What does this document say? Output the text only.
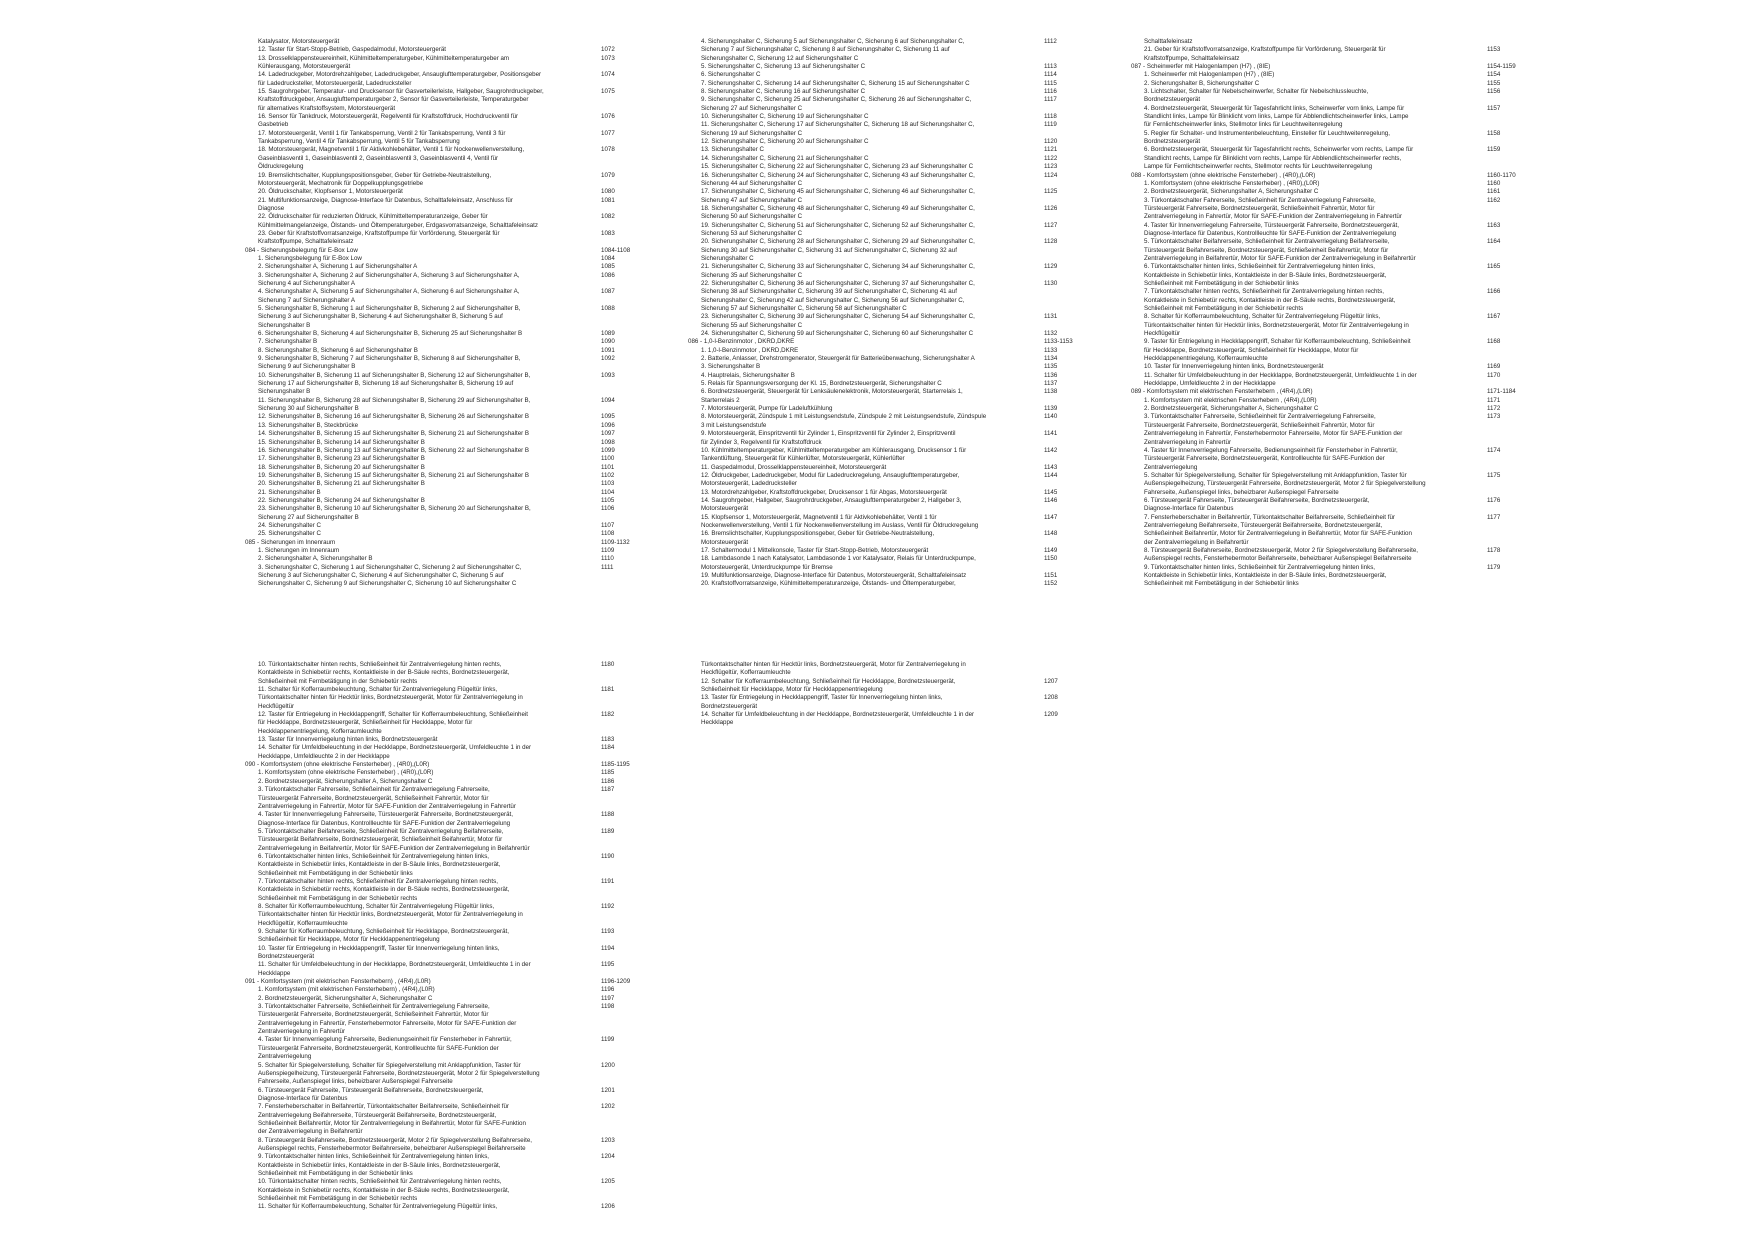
Katalysator, Motorsteuergerät
12. Taster für Start-Stopp-Betrieb, Gaspedalmodul, Motorsteuergerät	1072
13. Drosselklappensteuereinheit, Kühlmitteltemperaturgeber, Kühlmitteltemperaturgeber am	1073
Kühlerausgang, Motorsteuergerät
14. Ladedruckgeber, Motordrehzahlgeber, Ladedruckgeber, Ansauglufttemperaturgeber, Positionsgeber	1074
für Ladedrucksteller, Motorsteuergerät, Ladedrucksteller
15. Saugrohrgeber, Temperatur- und Drucksensor für Gasverteilerleiste, Hallgeber, Saugrohrdruckgeber,	1075
Kraftstoffdruckgeber, Ansauglufttemperaturgeber 2, Sensor für Gasverteilerleiste, Temperaturgeber
für alternatives Kraftstoffsystem, Motorsteuergerät
16. Sensor für Tankdruck, Motorsteuergerät, Regelventil für Kraftstoffdruck, Hochdruckventil für	1076
Gasbetrieb
17. Motorsteuergerät, Ventil 1 für Tankabsperrung, Ventil 2 für Tankabsperrung, Ventil 3 für	1077
Tankabsperrung, Ventil 4 für Tankabsperrung, Ventil 5 für Tankabsperrung
18. Motorsteuergerät, Magnetventil 1 für Aktivkohlebehälter, Ventil 1 für Nockenwellenverstellung,	1078
Gaseinblasventil 1, Gaseinblasventil 2, Gaseinblasventil 3, Gaseinblasventil 4, Ventil für
Öldruckregelung
19. Bremslichtschalter, Kupplungspositionsgeber, Geber für Getriebe-Neutralstellung,	1079
Motorsteuergerät, Mechatronik für Doppelkupplungsgetriebe
20. Öldruckschalter, Klopfsensor 1, Motorsteuergerät	1080
21. Multifunktionsanzeige, Diagnose-Interface für Datenbus, Schalttafeleinsatz, Anschluss für	1081
Diagnose
22. Öldruckschalter für reduzierten Öldruck, Kühlmitteltemperaturanzeige, Geber für	1082
Kühlmittelmangelanzeige, Ölstands- und Öltemperaturgeber, Erdgasvorratsanzeige, Schalttafeleinsatz
23. Geber für Kraftstoffvorratsanzeige, Kraftstoffpumpe für Vorförderung, Steuergerät für	1083
Kraftstoffpumpe, Schalttafeleinsatz
084 - Sicherungsbelegung für E-Box Low	1084-1108
1. Sicherungsbelegung für E-Box Low	1084
2. Sicherungshalter A, Sicherung 1 auf Sicherungshalter A	1085
3. Sicherungshalter A, Sicherung 2 auf Sicherungshalter A, Sicherung 3 auf Sicherungshalter A,	1086
Sicherung 4 auf Sicherungshalter A
4. Sicherungshalter A, Sicherung 5 auf Sicherungshalter A, Sicherung 6 auf Sicherungshalter A,	1087
Sicherung 7 auf Sicherungshalter A
5. Sicherungshalter B, Sicherung 1 auf Sicherungshalter B, Sicherung 2 auf Sicherungshalter B,	1088
Sicherung 3 auf Sicherungshalter B, Sicherung 4 auf Sicherungshalter B, Sicherung 5 auf
Sicherungshalter B
6. Sicherungshalter B, Sicherung 4 auf Sicherungshalter B, Sicherung 25 auf Sicherungshalter B	1089
7. Sicherungshalter B	1090
8. Sicherungshalter B, Sicherung 6 auf Sicherungshalter B	1091
9. Sicherungshalter B, Sicherung 7 auf Sicherungshalter B, Sicherung 8 auf Sicherungshalter B,	1092
Sicherung 9 auf Sicherungshalter B
10. Sicherungshalter B, Sicherung 11 auf Sicherungshalter B, Sicherung 12 auf Sicherungshalter B,	1093
Sicherung 17 auf Sicherungshalter B, Sicherung 18 auf Sicherungshalter B, Sicherung 19 auf
Sicherungshalter B
11. Sicherungshalter B, Sicherung 28 auf Sicherungshalter B, Sicherung 29 auf Sicherungshalter B,	1094
Sicherung 30 auf Sicherungshalter B
12. Sicherungshalter B, Sicherung 16 auf Sicherungshalter B, Sicherung 26 auf Sicherungshalter B	1095
13. Sicherungshalter B, Steckbrücke	1096
14. Sicherungshalter B, Sicherung 15 auf Sicherungshalter B, Sicherung 21 auf Sicherungshalter B	1097
15. Sicherungshalter B, Sicherung 14 auf Sicherungshalter B	1098
16. Sicherungshalter B, Sicherung 13 auf Sicherungshalter B, Sicherung 22 auf Sicherungshalter B	1099
17. Sicherungshalter B, Sicherung 23 auf Sicherungshalter B	1100
18. Sicherungshalter B, Sicherung 20 auf Sicherungshalter B	1101
19. Sicherungshalter B, Sicherung 15 auf Sicherungshalter B, Sicherung 21 auf Sicherungshalter B	1102
20. Sicherungshalter B, Sicherung 21 auf Sicherungshalter B	1103
21. Sicherungshalter B	1104
22. Sicherungshalter B, Sicherung 24 auf Sicherungshalter B	1105
23. Sicherungshalter B, Sicherung 10 auf Sicherungshalter B, Sicherung 20 auf Sicherungshalter B,	1106
Sicherung 27 auf Sicherungshalter B
24. Sicherungshalter C	1107
25. Sicherungshalter C	1108
085 - Sicherungen im Innenraum	1109-1132
1. Sicherungen im Innenraum	1109
2. Sicherungshalter A, Sicherungshalter B	1110
3. Sicherungshalter C, Sicherung 1 auf Sicherungshalter C, Sicherung 2 auf Sicherungshalter C,	1111
Sicherung 3 auf Sicherungshalter C, Sicherung 4 auf Sicherungshalter C, Sicherung 5 auf
Sicherungshalter C, Sicherung 9 auf Sicherungshalter C, Sicherung 10 auf Sicherungshalter C
4. Sicherungshalter C, Sicherung 5 auf Sicherungshalter C, Sicherung 6 auf Sicherungshalter C,	1112
Sicherung 7 auf Sicherungshalter C, Sicherung 8 auf Sicherungshalter C, Sicherung 11 auf
Sicherungshalter C, Sicherung 12 auf Sicherungshalter C
5. Sicherungshalter C, Sicherung 13 auf Sicherungshalter C	1113
6. Sicherungshalter C	1114
7. Sicherungshalter C, Sicherung 14 auf Sicherungshalter C, Sicherung 15 auf Sicherungshalter C	1115
8. Sicherungshalter C, Sicherung 16 auf Sicherungshalter C	1116
9. Sicherungshalter C, Sicherung 25 auf Sicherungshalter C, Sicherung 26 auf Sicherungshalter C,	1117
Sicherung 27 auf Sicherungshalter C
10. Sicherungshalter C, Sicherung 19 auf Sicherungshalter C	1118
11. Sicherungshalter C, Sicherung 17 auf Sicherungshalter C, Sicherung 18 auf Sicherungshalter C,	1119
Sicherung 19 auf Sicherungshalter C
12. Sicherungshalter C, Sicherung 20 auf Sicherungshalter C	1120
13. Sicherungshalter C	1121
14. Sicherungshalter C, Sicherung 21 auf Sicherungshalter C	1122
15. Sicherungshalter C, Sicherung 22 auf Sicherungshalter C, Sicherung 23 auf Sicherungshalter C	1123
16. Sicherungshalter C, Sicherung 24 auf Sicherungshalter C, Sicherung 43 auf Sicherungshalter C,	1124
Sicherung 44 auf Sicherungshalter C
17. Sicherungshalter C, Sicherung 45 auf Sicherungshalter C, Sicherung 46 auf Sicherungshalter C,	1125
Sicherung 47 auf Sicherungshalter C
18. Sicherungshalter C, Sicherung 48 auf Sicherungshalter C, Sicherung 49 auf Sicherungshalter C,	1126
Sicherung 50 auf Sicherungshalter C
19. Sicherungshalter C, Sicherung 51 auf Sicherungshalter C, Sicherung 52 auf Sicherungshalter C,	1127
Sicherung 53 auf Sicherungshalter C
20. Sicherungshalter C, Sicherung 28 auf Sicherungshalter C, Sicherung 29 auf Sicherungshalter C,	1128
Sicherung 30 auf Sicherungshalter C, Sicherung 31 auf Sicherungshalter C, Sicherung 32 auf
Sicherungshalter C
21. Sicherungshalter C, Sicherung 33 auf Sicherungshalter C, Sicherung 34 auf Sicherungshalter C,	1129
Sicherung 35 auf Sicherungshalter C
22. Sicherungshalter C, Sicherung 36 auf Sicherungshalter C, Sicherung 37 auf Sicherungshalter C,	1130
Sicherung 38 auf Sicherungshalter C, Sicherung 39 auf Sicherungshalter C, Sicherung 41 auf
Sicherungshalter C, Sicherung 42 auf Sicherungshalter C, Sicherung 56 auf Sicherungshalter C,
Sicherung 57 auf Sicherungshalter C, Sicherung 58 auf Sicherungshalter C
23. Sicherungshalter C, Sicherung 39 auf Sicherungshalter C, Sicherung 54 auf Sicherungshalter C,	1131
Sicherung 55 auf Sicherungshalter C
24. Sicherungshalter C, Sicherung 59 auf Sicherungshalter C, Sicherung 60 auf Sicherungshalter C	1132
086 - 1,0-l-Benzinmotor , DKRD,DKRE	1133-1153
1. 1,0-l-Benzinmotor , DKRD,DKRE	1133
2. Batterie, Anlasser, Drehstromgenerator, Steuergerät für Batterieüberwachung, Sicherungshalter A	1134
3. Sicherungshalter B	1135
4. Hauptrelais, Sicherungshalter B	1136
5. Relais für Spannungsversorgung der Kl. 15, Bordnetzsteuergerät, Sicherungshalter C	1137
6. Bordnetzsteuergerät, Steuergerät für Lenksäulenelektronik, Motorsteuergerät, Starterrelais 1,	1138
Starterrelais 2
7. Motorsteuergerät, Pumpe für Ladeluftkühlung	1139
8. Motorsteuergerät, Zündspule 1 mit Leistungsendstufe, Zündspule 2 mit Leistungsendstufe, Zündspule	1140
3 mit Leistungsendstufe
9. Motorsteuergerät, Einspritzventil für Zylinder 1, Einspritzventil für Zylinder 2, Einspritzventil	1141
für Zylinder 3, Regelventil für Kraftstoffdruck
10. Kühlmitteltemperaturgeber, Kühlmitteltemperaturgeber am Kühlerausgang, Drucksensor 1 für	1142
Tankentlüftung, Steuergerät für Kühlerlüfter, Motorsteuergerät, Kühlerlüfter
11. Gaspedalmodul, Drosselklappensteuereinheit, Motorsteuergerät	1143
12. Öldruckgeber, Ladedruckgeber, Modul für Ladedruckregelung, Ansauglufttemperaturgeber,	1144
Motorsteuergerät, Ladedrucksteller
13. Motordrehzahlgeber, Kraftstoffdruckgeber, Drucksensor 1 für Abgas, Motorsteuergerät	1145
14. Saugrohrgeber, Hallgeber, Saugrohrdruckgeber, Ansauglufttemperaturgeber 2, Hallgeber 3,	1146
Motorsteuergerät
15. Klopfsensor 1, Motorsteuergerät, Magnetventil 1 für Aktivkohlebehälter, Ventil 1 für	1147
Nockenwellenverstellung, Ventil 1 für Nockenwellenverstellung im Auslass, Ventil für Öldruckregelung
16. Bremslichtschalter, Kupplungspositionsgeber, Geber für Getriebe-Neutralstellung,	1148
Motorsteuergerät
17. Schaltermodul 1 Mittelkonsole, Taster für Start-Stopp-Betrieb, Motorsteuergerät	1149
18. Lambdasonde 1 nach Katalysator, Lambdasonde 1 vor Katalysator, Relais für Unterdruckpumpe,	1150
Motorsteuergerät, Unterdruckpumpe für Bremse
19. Multifunktionsanzeige, Diagnose-Interface für Datenbus, Motorsteuergerät, Schalttafeleinsatz	1151
20. Kraftstoffvorratsanzeige, Kühlmitteltemperaturanzeige, Ölstands- und Öltemperaturgeber,	1152
Schalttafeleinsatz
21. Geber für Kraftstoffvorratsanzeige, Kraftstoffpumpe für Vorförderung, Steuergerät für	1153
Kraftstoffpumpe, Schalttafeleinsatz
087 - Scheinwerfer mit Halogenlampen (H7) , (8IE)	1154-1159
1. Scheinwerfer mit Halogenlampen (H7) , (8IE)	1154
2. Sicherungshalter B, Sicherungshalter C	1155
3. Lichtschalter, Schalter für Nebelscheinwerfer, Schalter für Nebelschlussleuchte,	1156
Bordnetzsteuergerät
4. Bordnetzsteuergerät, Steuergerät für Tagesfahrlicht links, Scheinwerfer vorn links, Lampe für	1157
Standlicht links, Lampe für Blinklicht vorn links, Lampe für Abblendlichtscheinwerfer links, Lampe
für Fernlichtscheinwerfer links, Stellmotor links für Leuchtweitenregelung
5. Regler für Schalter- und Instrumentenbeleuchtung, Einsteller für Leuchtweitenregelung,	1158
Bordnetzsteuergerät
6. Bordnetzsteuergerät, Steuergerät für Tagesfahrlicht rechts, Scheinwerfer vorn rechts, Lampe für	1159
Standlicht rechts, Lampe für Blinklicht vorn rechts, Lampe für Abblendlichtscheinwerfer rechts,
Lampe für Fernlichtscheinwerfer rechts, Stellmotor rechts für Leuchtweitenregelung
088 - Komfortsystem (ohne elektrische Fensterheber) , (4R0),(L0R)	1160-1170
1. Komfortsystem (ohne elektrische Fensterheber) , (4R0),(L0R)	1160
2. Bordnetzsteuergerät, Sicherungshalter A, Sicherungshalter C	1161
3. Türkontaktschalter Fahrerseite, Schließeinheit für Zentralverriegelung Fahrerseite,	1162
Türsteuergerät Fahrerseite, Bordnetzsteuergerät, Schließeinheit Fahrertür, Motor für
Zentralverriegelung in Fahrertür, Motor für SAFE-Funktion der Zentralverriegelung in Fahrertür
4. Taster für Innenverriegelung Fahrerseite, Türsteuergerät Fahrerseite, Bordnetzsteuergerät,	1163
Diagnose-Interface für Datenbus, Kontrollleuchte für SAFE-Funktion der Zentralverriegelung
5. Türkontaktschalter Beifahrerseite, Schließeinheit für Zentralverriegelung Beifahrerseite,	1164
Türsteuergerät Beifahrerseite, Bordnetzsteuergerät, Schließeinheit Beifahrertür, Motor für
Zentralverriegelung in Beifahrertür, Motor für SAFE-Funktion der Zentralverriegelung in Beifahrertür
6. Türkontaktschalter hinten links, Schließeinheit für Zentralverriegelung hinten links,	1165
Kontaktleiste in Schiebetür links, Kontaktleiste in der B-Säule links, Bordnetzsteuergerät,
Schließeinheit mit Fernbetätigung in der Schiebetür links
7. Türkontaktschalter hinten rechts, Schließeinheit für Zentralverriegelung hinten rechts,	1166
Kontaktleiste in Schiebetür rechts, Kontaktleiste in der B-Säule rechts, Bordnetzsteuergerät,
Schließeinheit mit Fernbetätigung in der Schiebetür rechts
8. Schalter für Kofferraumbeleuchtung, Schalter für Zentralverriegelung Flügeltür links,	1167
Türkontaktschalter hinten für Hecktür links, Bordnetzsteuergerät, Motor für Zentralverriegelung in
Heckflügeltür
9. Taster für Entriegelung in Heckklappengriff, Schalter für Kofferraumbeleuchtung, Schließeinheit	1168
für Heckklappe, Bordnetzsteuergerät, Schließeinheit für Heckklappe, Motor für
Heckklappenentriegelung, Kofferraumleuchte
10. Taster für Innenverriegelung hinten links, Bordnetzsteuergerät	1169
11. Schalter für Umfeldbeleuchtung in der Heckklappe, Bordnetzsteuergerät, Umfeldleuchte 1 in der	1170
Heckklappe, Umfeldleuchte 2 in der Heckklappe
089 - Komfortsystem mit elektrischen Fensterhebern , (4R4),(L0R)	1171-1184
1. Komfortsystem mit elektrischen Fensterhebern , (4R4),(L0R)	1171
2. Bordnetzsteuergerät, Sicherungshalter A, Sicherungshalter C	1172
3. Türkontaktschalter Fahrerseite, Schließeinheit für Zentralverriegelung Fahrerseite,	1173
Türsteuergerät Fahrerseite, Bordnetzsteuergerät, Schließeinheit Fahrertür, Motor für
Zentralverriegelung in Fahrertür, Fensterhebermotor Fahrerseite, Motor für SAFE-Funktion der
Zentralverriegelung in Fahrertür
4. Taster für Innenverriegelung Fahrerseite, Bedienungseinheit für Fensterheber in Fahrertür,	1174
Türsteuergerät Fahrerseite, Bordnetzsteuergerät, Kontrollleuchte für SAFE-Funktion der
Zentralverriegelung
5. Schalter für Spiegelverstellung, Schalter für Spiegelverstellung mit Anklappfunktion, Taster für	1175
Außenspiegelheizung, Türsteuergerät Fahrerseite, Bordnetzsteuergerät, Motor 2 für Spiegelverstellung
Fahrerseite, Außenspiegel links, beheizbarer Außenspiegel Fahrerseite
6. Türsteuergerät Fahrerseite, Türsteuergerät Beifahrerseite, Bordnetzsteuergerät,	1176
Diagnose-Interface für Datenbus
7. Fensterheberschalter in Beifahrertür, Türkontaktschalter Beifahrerseite, Schließeinheit für	1177
Zentralverriegelung Beifahrerseite, Türsteuergerät Beifahrerseite, Bordnetzsteuergerät,
Schließeinheit Beifahrertür, Motor für Zentralverriegelung in Beifahrertür, Motor für SAFE-Funktion
der Zentralverriegelung in Beifahrertür
8. Türsteuergerät Beifahrerseite, Bordnetzsteuergerät, Motor 2 für Spiegelverstellung Beifahrerseite,	1178
Außenspiegel rechts, Fensterhebermotor Beifahrerseite, beheizbarer Außenspiegel Beifahrerseite
9. Türkontaktschalter hinten links, Schließeinheit für Zentralverriegelung hinten links,	1179
Kontaktleiste in Schiebetür links, Kontaktleiste in der B-Säule links, Bordnetzsteuergerät,
Schließeinheit mit Fernbetätigung in der Schiebetür links
10. Türkontaktschalter hinten rechts, Schließeinheit für Zentralverriegelung hinten rechts,	1180
Kontaktleiste in Schiebetür rechts, Kontaktleiste in der B-Säule rechts, Bordnetzsteuergerät,
Schließeinheit mit Fernbetätigung in der Schiebetür rechts
11. Schalter für Kofferraumbeleuchtung, Schalter für Zentralverriegelung Flügeltür links,	1181
Türkontaktschalter hinten für Hecktür links, Bordnetzsteuergerät, Motor für Zentralverriegelung in
Heckflügeltür
12. Taster für Entriegelung in Heckklappengriff, Schalter für Kofferraumbeleuchtung, Schließeinheit	1182
für Heckklappe, Bordnetzsteuergerät, Schließeinheit für Heckklappe, Motor für
Heckklappenentriegelung, Kofferraumleuchte
13. Taster für Innenverriegelung hinten links, Bordnetzsteuergerät	1183
14. Schalter für Umfeldbeleuchtung in der Heckklappe, Bordnetzsteuergerät, Umfeldleuchte 1 in der	1184
Heckklappe, Umfeldleuchte 2 in der Heckklappe
090 - Komfortsystem (ohne elektrische Fensterheber) , (4R0),(L0R)	1185-1195
1. Komfortsystem (ohne elektrische Fensterheber) , (4R0),(L0R)	1185
2. Bordnetzsteuergerät, Sicherungshalter A, Sicherungshalter C	1186
3. Türkontaktschalter Fahrerseite, Schließeinheit für Zentralverriegelung Fahrerseite,	1187
Türsteuergerät Fahrerseite, Bordnetzsteuergerät, Schließeinheit Fahrertür, Motor für
Zentralverriegelung in Fahrertür, Motor für SAFE-Funktion der Zentralverriegelung in Fahrertür
4. Taster für Innenverriegelung Fahrerseite, Türsteuergerät Fahrerseite, Bordnetzsteuergerät,	1188
Diagnose-Interface für Datenbus, Kontrollleuchte für SAFE-Funktion der Zentralverriegelung
5. Türkontaktschalter Beifahrerseite, Schließeinheit für Zentralverriegelung Beifahrerseite,	1189
Türsteuergerät Beifahrerseite, Bordnetzsteuergerät, Schließeinheit Beifahrertür, Motor für
Zentralverriegelung in Beifahrertür, Motor für SAFE-Funktion der Zentralverriegelung in Beifahrertür
6. Türkontaktschalter hinten links, Schließeinheit für Zentralverriegelung hinten links,	1190
Kontaktleiste in Schiebetür links, Kontaktleiste in der B-Säule links, Bordnetzsteuergerät,
Schließeinheit mit Fernbetätigung in der Schiebetür links
7. Türkontaktschalter hinten rechts, Schließeinheit für Zentralverriegelung hinten rechts,	1191
Kontaktleiste in Schiebetür rechts, Kontaktleiste in der B-Säule rechts, Bordnetzsteuergerät,
Schließeinheit mit Fernbetätigung in der Schiebetür rechts
8. Schalter für Kofferraumbeleuchtung, Schalter für Zentralverriegelung Flügeltür links,	1192
Türkontaktschalter hinten für Hecktür links, Bordnetzsteuergerät, Motor für Zentralverriegelung in
Heckflügeltür, Kofferraumleuchte
9. Schalter für Kofferraumbeleuchtung, Schließeinheit für Heckklappe, Bordnetzsteuergerät,	1193
Schließeinheit für Heckklappe, Motor für Heckklappenentriegelung
10. Taster für Entriegelung in Heckklappengriff, Taster für Innenverriegelung hinten links,	1194
Bordnetzsteuergerät
11. Schalter für Umfeldbeleuchtung in der Heckklappe, Bordnetzsteuergerät, Umfeldleuchte 1 in der	1195
Heckklappe
091 - Komfortsystem (mit elektrischen Fensterhebern) , (4R4),(L0R)	1196-1209
1. Komfortsystem (mit elektrischen Fensterhebern) , (4R4),(L0R)	1196
2. Bordnetzsteuergerät, Sicherungshalter A, Sicherungshalter C	1197
3. Türkontaktschalter Fahrerseite, Schließeinheit für Zentralverriegelung Fahrerseite,	1198
Türsteuergerät Fahrerseite, Bordnetzsteuergerät, Schließeinheit Fahrertür, Motor für
Zentralverriegelung in Fahrertür, Fensterhebermotor Fahrerseite, Motor für SAFE-Funktion der
Zentralverriegelung in Fahrertür
4. Taster für Innenverriegelung Fahrerseite, Bedienungseinheit für Fensterheber in Fahrertür,	1199
Türsteuergerät Fahrerseite, Bordnetzsteuergerät, Kontrollleuchte für SAFE-Funktion der
Zentralverriegelung
5. Schalter für Spiegelverstellung, Schalter für Spiegelverstellung mit Anklappfunktion, Taster für	1200
Außenspiegelheizung, Türsteuergerät Fahrerseite, Bordnetzsteuergerät, Motor 2 für Spiegelverstellung
Fahrerseite, Außenspiegel links, beheizbarer Außenspiegel Fahrerseite
6. Türsteuergerät Fahrerseite, Türsteuergerät Beifahrerseite, Bordnetzsteuergerät,	1201
Diagnose-Interface für Datenbus
7. Fensterheberschalter in Beifahrertür, Türkontaktschalter Beifahrerseite, Schließeinheit für	1202
Zentralverriegelung Beifahrerseite, Türsteuergerät Beifahrerseite, Bordnetzsteuergerät,
Schließeinheit Beifahrertür, Motor für Zentralverriegelung in Beifahrertür, Motor für SAFE-Funktion
der Zentralverriegelung in Beifahrertür
8. Türsteuergerät Beifahrerseite, Bordnetzsteuergerät, Motor 2 für Spiegelverstellung Beifahrerseite,	1203
Außenspiegel rechts, Fensterhebermotor Beifahrerseite, beheizbarer Außenspiegel Beifahrerseite
9. Türkontaktschalter hinten links, Schließeinheit für Zentralverriegelung hinten links,	1204
Kontaktleiste in Schiebetür links, Kontaktleiste in der B-Säule links, Bordnetzsteuergerät,
Schließeinheit mit Fernbetätigung in der Schiebetür links
10. Türkontaktschalter hinten rechts, Schließeinheit für Zentralverriegelung hinten rechts,	1205
Kontaktleiste in Schiebetür rechts, Kontaktleiste in der B-Säule rechts, Bordnetzsteuergerät,
Schließeinheit mit Fernbetätigung in der Schiebetür rechts
11. Schalter für Kofferraumbeleuchtung, Schalter für Zentralverriegelung Flügeltür links,	1206
Türkontaktschalter hinten für Hecktür links, Bordnetzsteuergerät, Motor für Zentralverriegelung in
Heckflügeltür, Kofferraumleuchte
12. Schalter für Kofferraumbeleuchtung, Schließeinheit für Heckklappe, Bordnetzsteuergerät,	1207
Schließeinheit für Heckklappe, Motor für Heckklappenentriegelung
13. Taster für Entriegelung in Heckklappengriff, Taster für Innenverriegelung hinten links,	1208
Bordnetzsteuergerät
14. Schalter für Umfeldbeleuchtung in der Heckklappe, Bordnetzsteuergerät, Umfeldleuchte 1 in der	1209
Heckklappe
